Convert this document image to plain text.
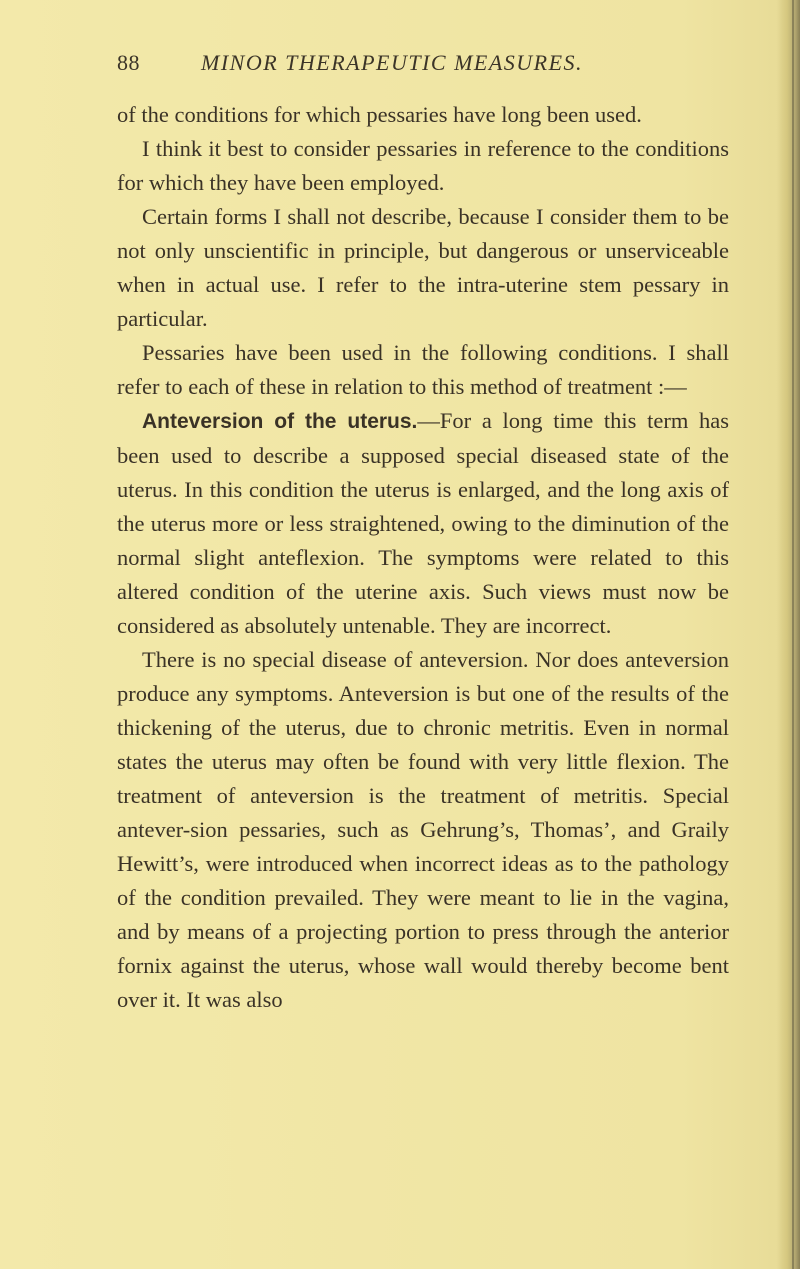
88	MINOR THERAPEUTIC MEASURES.

of the conditions for which pessaries have long been used.

I think it best to consider pessaries in reference to the conditions for which they have been employed.

Certain forms I shall not describe, because I consider them to be not only unscientific in principle, but dangerous or unserviceable when in actual use. I refer to the intra-uterine stem pessary in particular.

Pessaries have been used in the following conditions. I shall refer to each of these in relation to this method of treatment :—

Anteversion of the uterus.—For a long time this term has been used to describe a supposed special diseased state of the uterus. In this condition the uterus is enlarged, and the long axis of the uterus more or less straightened, owing to the diminution of the normal slight anteflexion. The symptoms were related to this altered condition of the uterine axis. Such views must now be considered as absolutely untenable. They are incorrect.

There is no special disease of anteversion. Nor does anteversion produce any symptoms. Anteversion is but one of the results of the thickening of the uterus, due to chronic metritis. Even in normal states the uterus may often be found with very little flexion. The treatment of anteversion is the treatment of metritis. Special antever-sion pessaries, such as Gehrung’s, Thomas’, and Graily Hewitt’s, were introduced when incorrect ideas as to the pathology of the condition prevailed. They were meant to lie in the vagina, and by means of a projecting portion to press through the anterior fornix against the uterus, whose wall would thereby become bent over it. It was also
